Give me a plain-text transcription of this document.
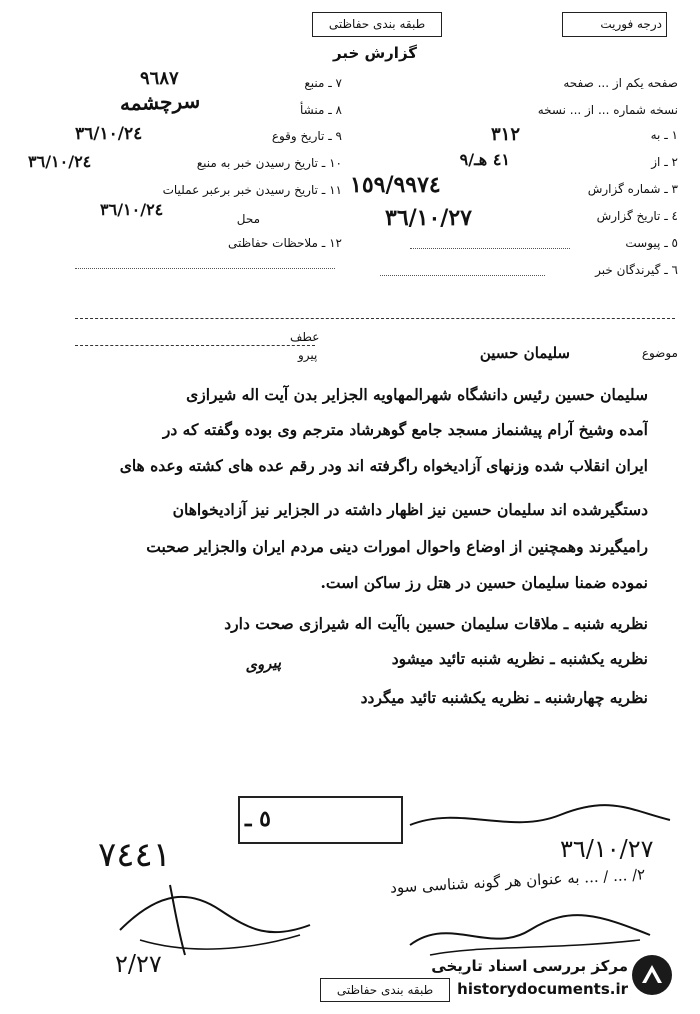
طبقه بندی حفاظتی
گزارش خبر
درجه فوریت
صفحه یکم از ... صفحه
نسخه شماره ... از ... نسخه
١ ـ به
٣١٢
٢ ـ از
٤١ هـ/٩
٣ ـ شماره گزارش
١٥٩/٩٩٧٤
٤ ـ تاریخ گزارش
٣٦/١٠/٢٧
٥ ـ پیوست
٦ ـ گیرندگان خبر
٩٦٨٧	٧ ـ منبع
سرچشمه	٨ ـ منشأ
٣٦/١٠/٢٤	٩ ـ تاریخ وقوع
٣٦/١٠/٢٤	١٠ ـ تاریخ رسیدن خبر به منبع
١١ ـ تاریخ رسیدن خبر برعبر عملیات
٣٦/١٠/٢٤	محل
١٢ ـ ملاحظات حفاظتی
عطف
پیرو	موضوع
سلیمان حسین
سلیمان حسین رئیس دانشگاه شهرالمهاویه الجزایر بدن آیت اله شیرازی
آمده وشیخ آرام پیشنماز مسجد جامع گوهرشاد مترجم وی بوده وگفته که در
ایران انقلاب شده وزنهای آزادیخواه راگرفته اند ودر رقم عده های کشته وعده های
دستگیرشده اند سلیمان حسین نیز اظهار داشته در الجزایر نیز آزادیخواهان
رامیگیرند وهمچنین از اوضاع واحوال امورات دینی مردم ایران والجزایر صحبت
نموده ضمنا سلیمان حسین در هتل رز ساکن است.
نظریه شنبه ـ ملاقات سلیمان حسین باآیت اله شیرازی صحت دارد
نظریه یکشنبه ـ نظریه شنبه تائید میشود
پیروی
نظریه چهارشنبه ـ نظریه یکشنبه تائید میگردد
٥ ـ
٧٤٤١
٢/٢٧
٣٦/١٠/٢٧
٢/ ... / ... به عنوان هر گونه شناسی سود
طبقه بندی حفاظتی
مرکز بررسی اسناد تاریخی
historydocuments.ir
